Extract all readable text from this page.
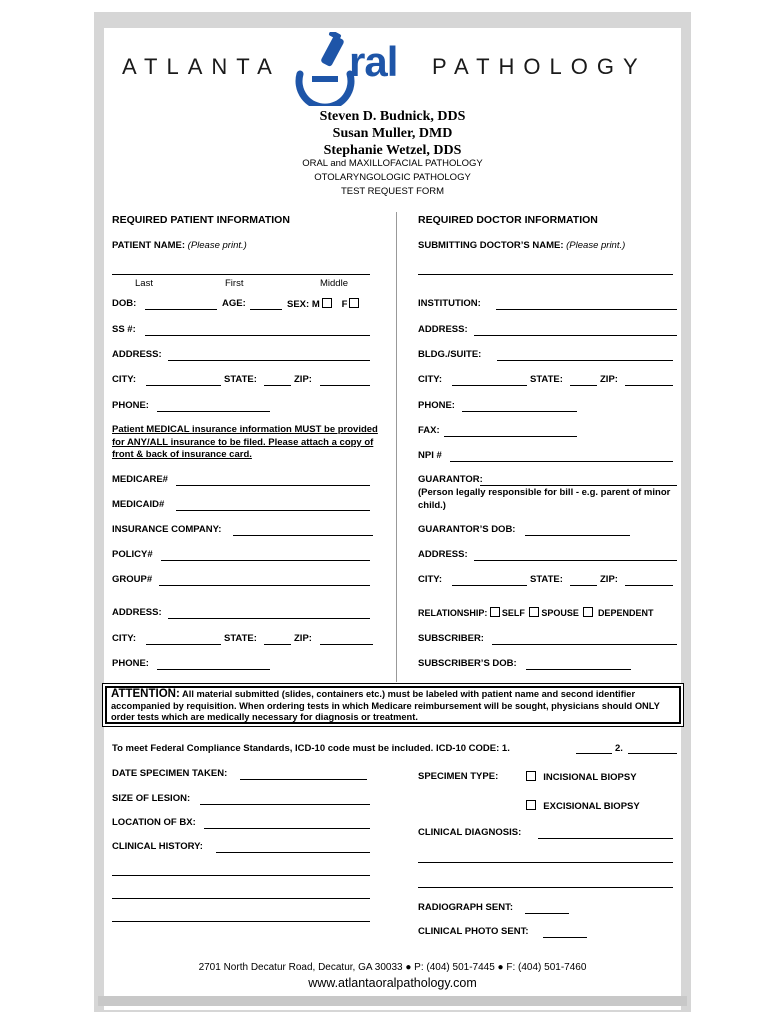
ATLANTA ral PATHOLOGY
Steven D. Budnick, DDS
Susan Muller, DMD
Stephanie Wetzel, DDS
ORAL and MAXILLOFACIAL PATHOLOGY
OTOLARYNGOLOGIC PATHOLOGY
TEST REQUEST FORM
REQUIRED PATIENT INFORMATION
PATIENT NAME: (Please print.)
Last	First	Middle
DOB:	AGE:	SEX: M F
SS #:
ADDRESS:
CITY:	STATE:	ZIP:
PHONE:
Patient MEDICAL insurance information MUST be provided for ANY/ALL insurance to be filed. Please attach a copy of front & back of insurance card.
MEDICARE#
MEDICAID#
INSURANCE COMPANY:
POLICY#
GROUP#
ADDRESS:
CITY:	STATE:	ZIP:
PHONE:
REQUIRED DOCTOR INFORMATION
SUBMITTING DOCTOR’S NAME: (Please print.)
INSTITUTION:
ADDRESS:
BLDG./SUITE:
CITY:	STATE:	ZIP:
PHONE:
FAX:
NPI #
GUARANTOR:
(Person legally responsible for bill - e.g. parent of minor child.)
GUARANTOR’S DOB:
ADDRESS:
CITY:	STATE:	ZIP:
RELATIONSHIP: SELF SPOUSE DEPENDENT
SUBSCRIBER:
SUBSCRIBER’S DOB:
ATTENTION: All material submitted (slides, containers etc.) must be labeled with patient name and second identifier accompanied by requisition. When ordering tests in which Medicare reimbursement will be sought, physicians should ONLY order tests which are medically necessary for diagnosis or treatment.
To meet Federal Compliance Standards, ICD-10 code must be included. ICD-10 CODE: 1.	2.
DATE SPECIMEN TAKEN:
SIZE OF LESION:
LOCATION OF BX:
CLINICAL HISTORY:
SPECIMEN TYPE:	INCISIONAL BIOPSY
EXCISIONAL BIOPSY
CLINICAL DIAGNOSIS:
RADIOGRAPH SENT:
CLINICAL PHOTO SENT:
2701 North Decatur Road, Decatur, GA 30033 ● P: (404) 501-7445 ● F: (404) 501-7460
www.atlantaoralpathology.com
